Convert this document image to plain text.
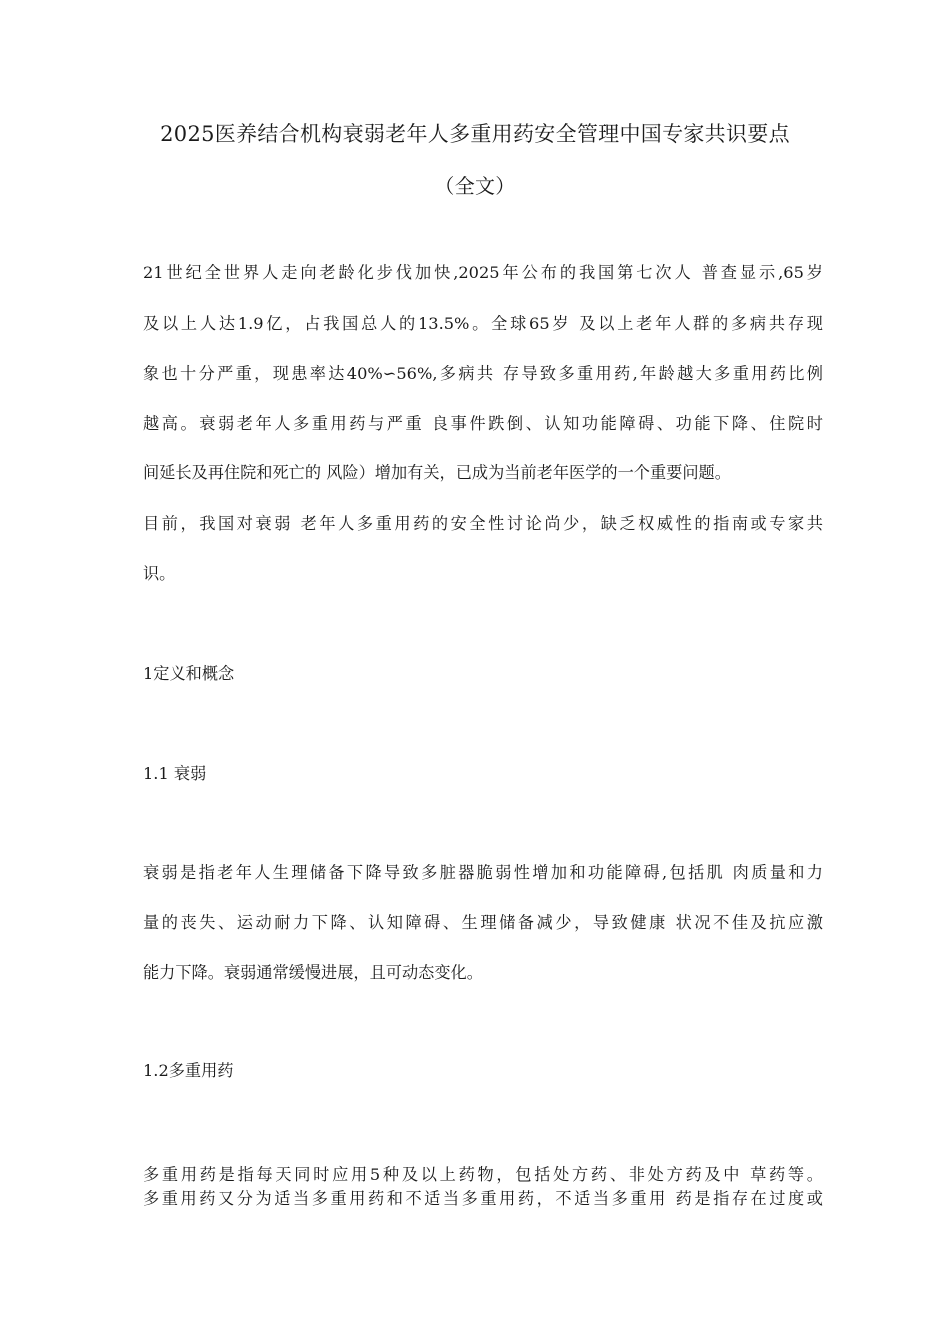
2025医养结合机构衰弱老年人多重用药安全管理中国专家共识要点
（全文）
21世纪全世界人走向老龄化步伐加快,2025年公布的我国第七次人 普查显示,65岁
及以上人达1.9亿，占我国总人的13.5%。全球65岁 及以上老年人群的多病共存现
象也十分严重，现患率达40%∽56%,多病共 存导致多重用药,年龄越大多重用药比例
越高。衰弱老年人多重用药与严重 良事件跌倒、认知功能障碍、功能下降、住院时
间延长及再住院和死亡的 风险）增加有关，已成为当前老年医学的一个重要问题。
目前，我国对衰弱 老年人多重用药的安全性讨论尚少，缺乏权威性的指南或专家共
识。
1定义和概念
1.1 衰弱
衰弱是指老年人生理储备下降导致多脏器脆弱性增加和功能障碍,包括肌 肉质量和力
量的丧失、运动耐力下降、认知障碍、生理储备减少，导致健康 状况不佳及抗应激
能力下降。衰弱通常缓慢进展，且可动态变化。
1.2多重用药
多重用药是指每天同时应用5种及以上药物，包括处方药、非处方药及中 草药等。
多重用药又分为适当多重用药和不适当多重用药，不适当多重用 药是指存在过度或
